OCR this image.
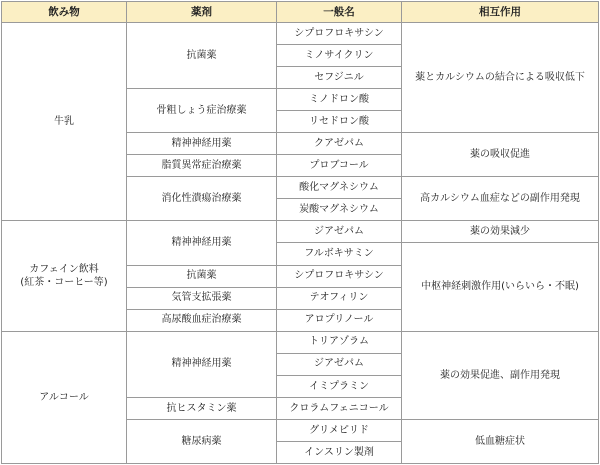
飲み物	薬剤	一般名	相互作用
牛乳	抗菌薬	シプロフロキサシン	薬とカルシウムの結合による吸収低下
		ミノサイクリン	
		セフジニル	
	骨粗しょう症治療薬	ミノドロン酸	
		リセドロン酸	
	精神神経用薬	クアゼパム	薬の吸収促進
	脂質異常症治療薬	プロブコール	
	消化性潰瘍治療薬	酸化マグネシウム	高カルシウム血症などの副作用発現
		炭酸マグネシウム	
カフェイン飲料
(紅茶・コーヒー等)	精神神経用薬	ジアゼパム	薬の効果減少
		フルボキサミン	中枢神経刺激作用(いらいら・不眠)
	抗菌薬	シプロフロキサシン	
	気管支拡張薬	テオフィリン	
	高尿酸血症治療薬	アロプリノール	
アルコール	精神神経用薬	トリアゾラム	薬の効果促進、副作用発現
		ジアゼパム	
		イミプラミン	
	抗ヒスタミン薬	クロラムフェニコール	
	糖尿病薬	グリメピリド	低血糖症状
		インスリン製剤	
